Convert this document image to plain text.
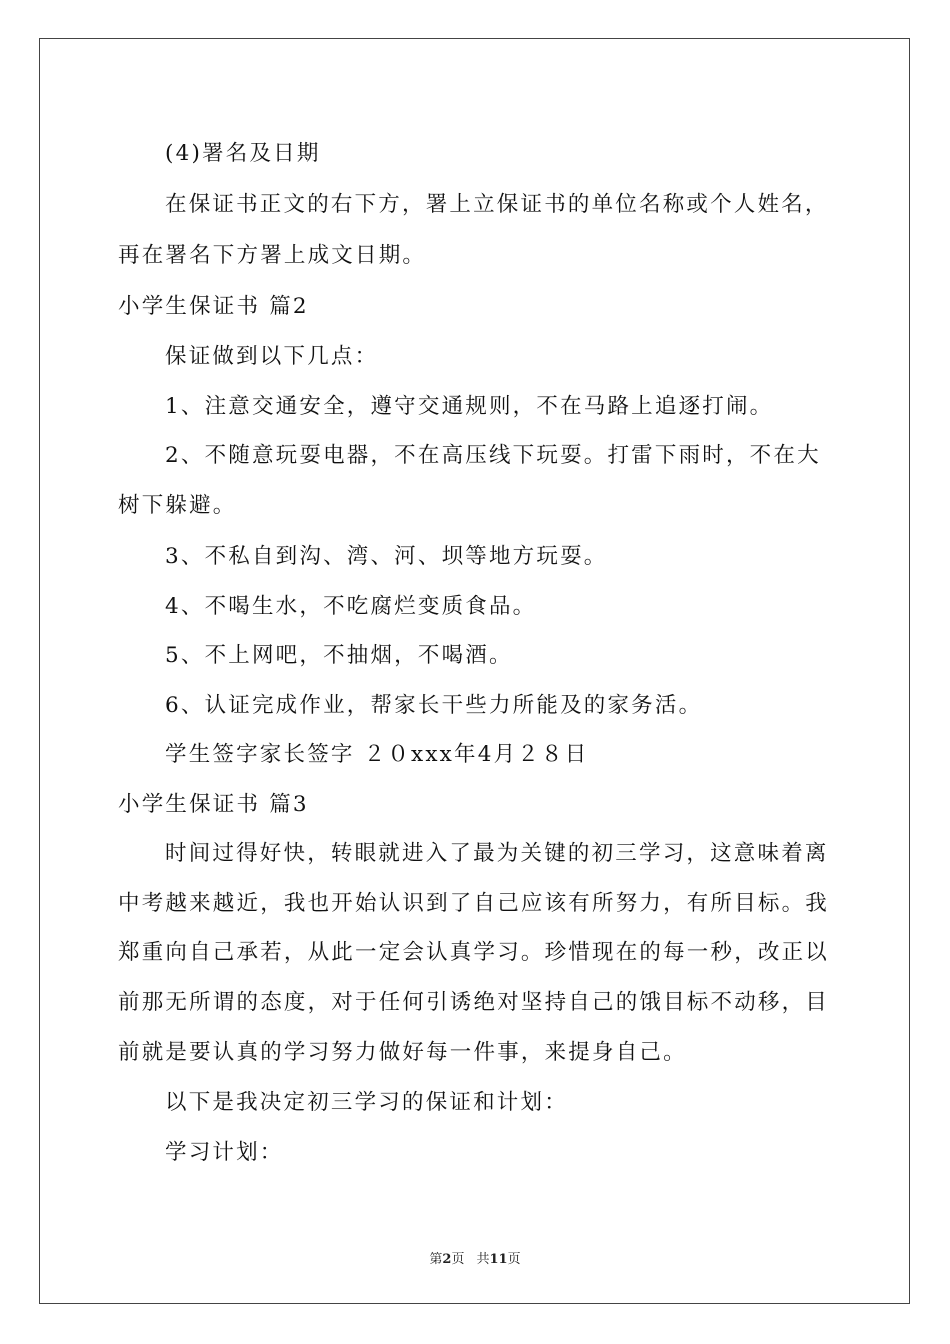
(4)署名及日期
在保证书正文的右下方，署上立保证书的单位名称或个人姓名，
再在署名下方署上成文日期。
小学生保证书 篇2
保证做到以下几点：
1、注意交通安全，遵守交通规则，不在马路上追逐打闹。
2、不随意玩耍电器，不在高压线下玩耍。打雷下雨时，不在大
树下躲避。
3、不私自到沟、湾、河、坝等地方玩耍。
4、不喝生水，不吃腐烂变质食品。
5、不上网吧，不抽烟，不喝酒。
6、认证完成作业，帮家长干些力所能及的家务活。
学生签字家长签字 ２０xxx年4月２８日
小学生保证书 篇3
时间过得好快，转眼就进入了最为关键的初三学习，这意味着离
中考越来越近，我也开始认识到了自己应该有所努力，有所目标。我
郑重向自己承若，从此一定会认真学习。珍惜现在的每一秒，改正以
前那无所谓的态度，对于任何引诱绝对坚持自己的饿目标不动移，目
前就是要认真的学习努力做好每一件事，来提身自己。
以下是我决定初三学习的保证和计划：
学习计划：
第2页 共11页
